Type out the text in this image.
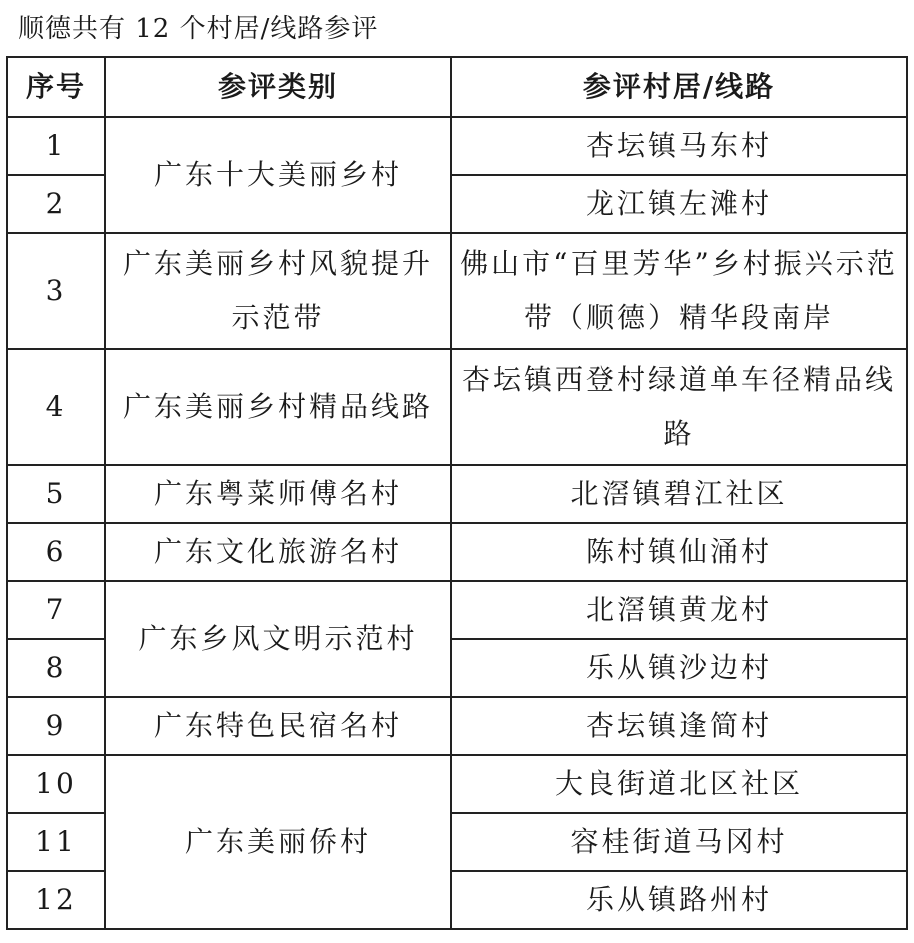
顺德共有 12 个村居/线路参评
序号	参评类别	参评村居/线路
1	广东十大美丽乡村	杏坛镇马东村
2		龙江镇左滩村
3	广东美丽乡村风貌提升示范带	佛山市“百里芳华”乡村振兴示范带（顺德）精华段南岸
4	广东美丽乡村精品线路	杏坛镇西登村绿道单车径精品线路
5	广东粤菜师傅名村	北滘镇碧江社区
6	广东文化旅游名村	陈村镇仙涌村
7	广东乡风文明示范村	北滘镇黄龙村
8		乐从镇沙边村
9	广东特色民宿名村	杏坛镇逢简村
10	广东美丽侨村	大良街道北区社区
11		容桂街道马冈村
12		乐从镇路州村
